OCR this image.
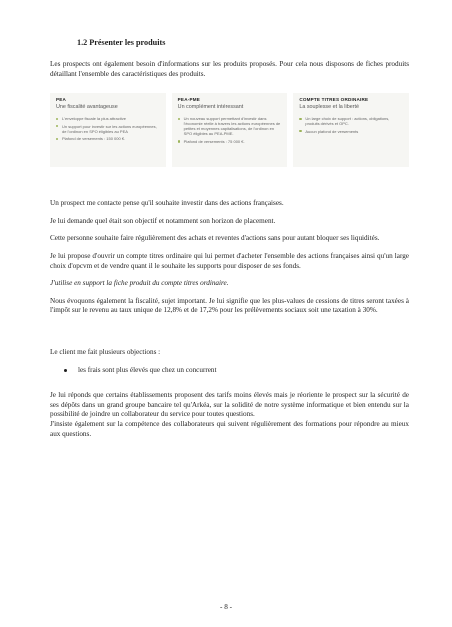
1.2 Présenter les produits

Les prospects ont également besoin d'informations sur les produits proposés. Pour cela nous disposons de fiches produits détaillant l'ensemble des caractéristiques des produits.

PEA
Une fiscalité avantageuse
L'enveloppe fiscale la plus attractive
Un support pour investir sur les actions européennes, de l'ordinon en SPO éligibles au PEA
Plafond de versements : 150 000 €.
PEA-PME
Un complément intéressant
Un nouveau support permettant d'investir dans l'économie réelle à travers les actions européennes de petites et moyennes capitalisations, de l'ordinon en SPO éligibles au PEA-PME.
Plafond de versements : 75 000 €.
COMPTE TITRES ORDINAIRE
La souplesse et la liberté
Un large choix de support : actions, obligations, produits dérivés et OPC.
Aucun plafond de versements

Un prospect me contacte pense qu'il souhaite investir dans des actions françaises.

Je lui demande quel était son objectif et notamment son horizon de placement.

Cette personne souhaite faire régulièrement des achats et reventes d'actions sans pour autant bloquer ses liquidités.

Je lui propose d'ouvrir un compte titres ordinaire qui lui permet d'acheter l'ensemble des actions françaises ainsi qu'un large choix d'opcvm et de vendre quant il le souhaite les supports pour disposer de ses fonds.

J'utilise en support la fiche produit du compte titres ordinaire.

Nous évoquons également la fiscalité, sujet important. Je lui signifie que les plus-values de cessions de titres seront taxées à l'impôt sur le revenu au taux unique de 12,8% et de 17,2% pour les prélèvements sociaux soit une taxation à 30%.

Le client me fait plusieurs objections :

les frais sont plus élevés que chez un concurrent

Je lui réponds que certains établissements proposent des tarifs moins élevés mais je réoriente le prospect sur la sécurité de ses dépôts dans un grand groupe bancaire tel qu'Arkéa, sur la solidité de notre système informatique et bien entendu sur la possibilité de joindre un collaborateur du service pour toutes questions.

J'insiste également sur la compétence des collaborateurs qui suivent régulièrement des formations pour répondre au mieux aux questions.

- 8 -
